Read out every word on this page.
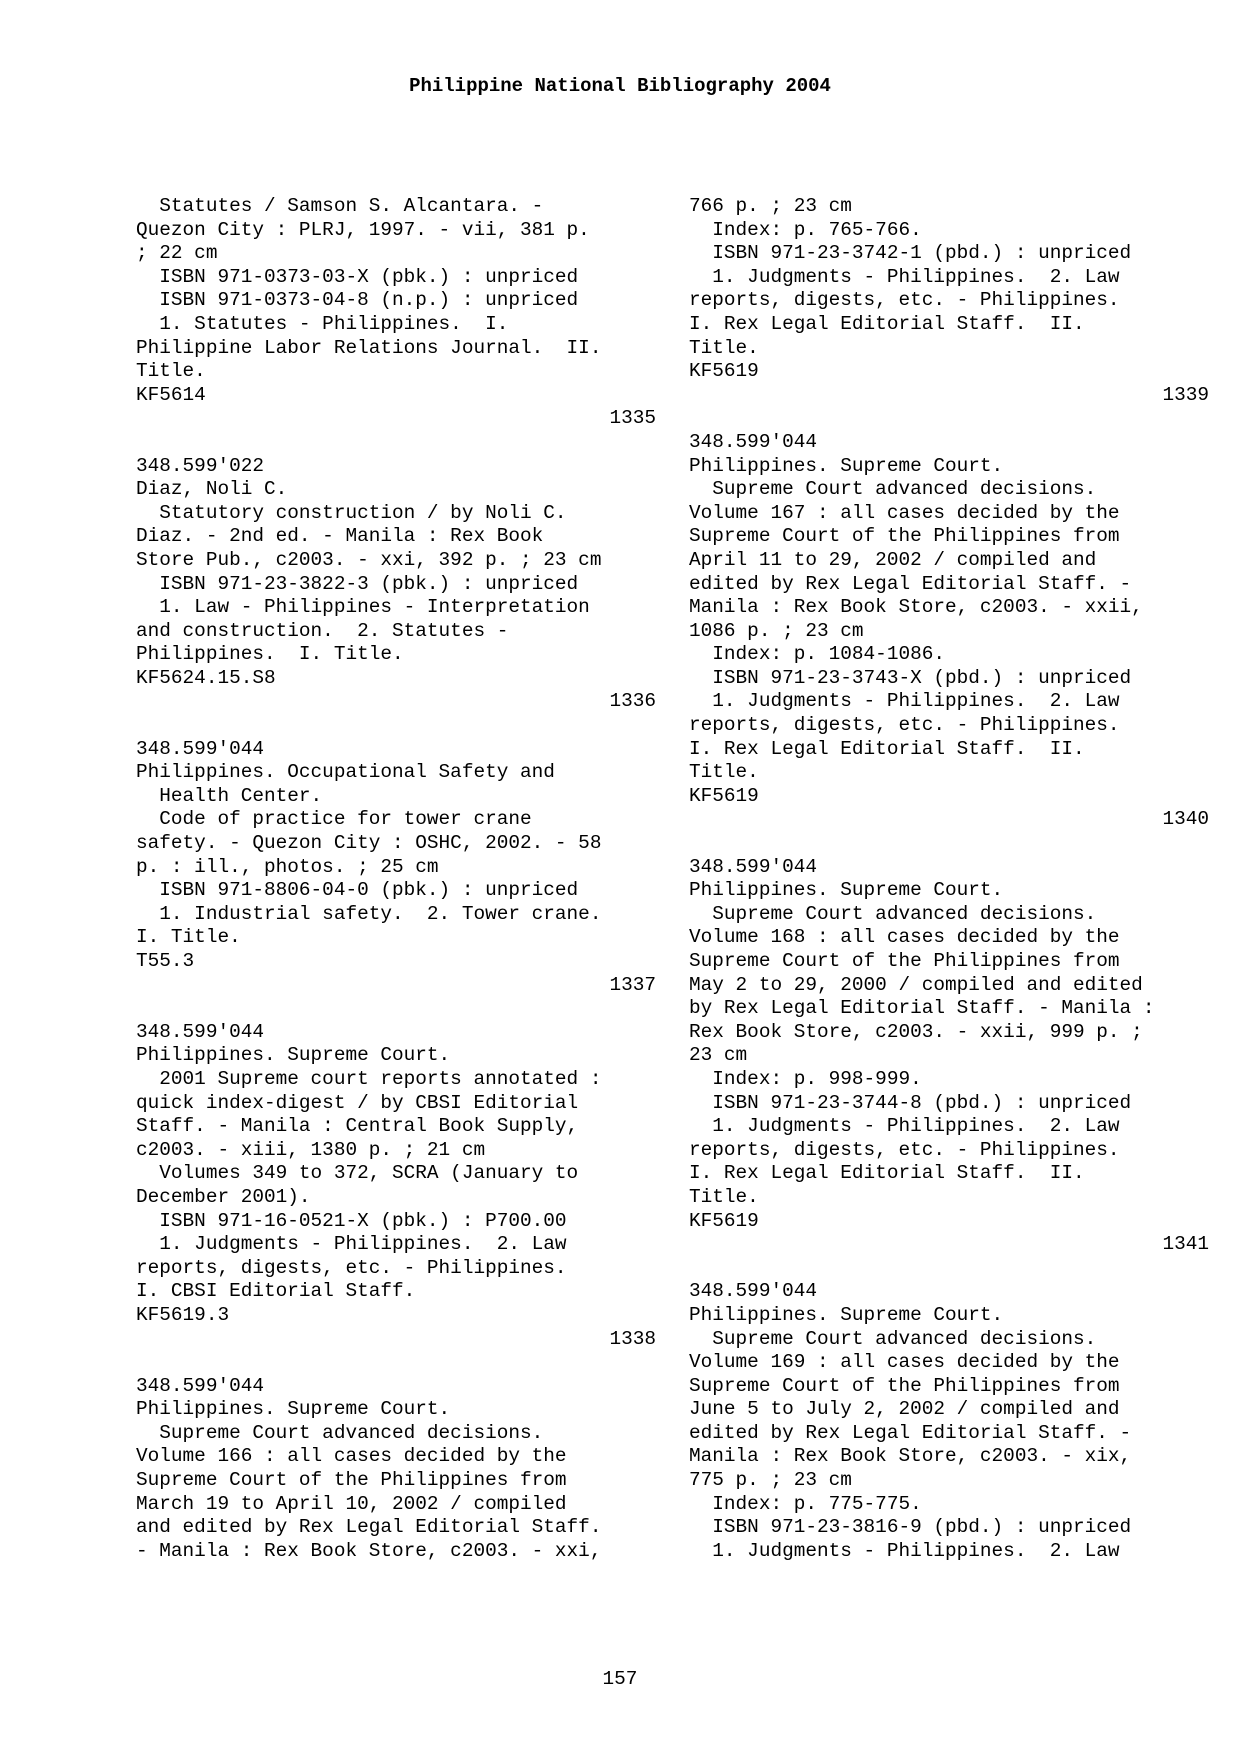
Philippine National Bibliography 2004
Statutes / Samson S. Alcantara. -
Quezon City : PLRJ, 1997. - vii, 381 p.
; 22 cm
ISBN 971-0373-03-X (pbk.) : unpriced
ISBN 971-0373-04-8 (n.p.) : unpriced
1. Statutes - Philippines.  I.
Philippine Labor Relations Journal.  II.
Title.
KF5614
1335
348.599'022
Diaz, Noli C.
Statutory construction / by Noli C.
Diaz. - 2nd ed. - Manila : Rex Book
Store Pub., c2003. - xxi, 392 p. ; 23 cm
ISBN 971-23-3822-3 (pbk.) : unpriced
1. Law - Philippines - Interpretation
and construction.  2. Statutes -
Philippines.  I. Title.
KF5624.15.S8
1336
348.599'044
Philippines. Occupational Safety and
Health Center.
Code of practice for tower crane
safety. - Quezon City : OSHC, 2002. - 58
p. : ill., photos. ; 25 cm
ISBN 971-8806-04-0 (pbk.) : unpriced
1. Industrial safety.  2. Tower crane.
I. Title.
T55.3
1337
348.599'044
Philippines. Supreme Court.
2001 Supreme court reports annotated :
quick index-digest / by CBSI Editorial
Staff. - Manila : Central Book Supply,
c2003. - xiii, 1380 p. ; 21 cm
Volumes 349 to 372, SCRA (January to
December 2001).
ISBN 971-16-0521-X (pbk.) : P700.00
1. Judgments - Philippines.  2. Law
reports, digests, etc. - Philippines.
I. CBSI Editorial Staff.
KF5619.3
1338
348.599'044
Philippines. Supreme Court.
Supreme Court advanced decisions.
Volume 166 : all cases decided by the
Supreme Court of the Philippines from
March 19 to April 10, 2002 / compiled
and edited by Rex Legal Editorial Staff.
- Manila : Rex Book Store, c2003. - xxi,
766 p. ; 23 cm
Index: p. 765-766.
ISBN 971-23-3742-1 (pbd.) : unpriced
1. Judgments - Philippines.  2. Law
reports, digests, etc. - Philippines.
I. Rex Legal Editorial Staff.  II.
Title.
KF5619
1339
348.599'044
Philippines. Supreme Court.
Supreme Court advanced decisions.
Volume 167 : all cases decided by the
Supreme Court of the Philippines from
April 11 to 29, 2002 / compiled and
edited by Rex Legal Editorial Staff. -
Manila : Rex Book Store, c2003. - xxii,
1086 p. ; 23 cm
Index: p. 1084-1086.
ISBN 971-23-3743-X (pbd.) : unpriced
1. Judgments - Philippines.  2. Law
reports, digests, etc. - Philippines.
I. Rex Legal Editorial Staff.  II.
Title.
KF5619
1340
348.599'044
Philippines. Supreme Court.
Supreme Court advanced decisions.
Volume 168 : all cases decided by the
Supreme Court of the Philippines from
May 2 to 29, 2000 / compiled and edited
by Rex Legal Editorial Staff. - Manila :
Rex Book Store, c2003. - xxii, 999 p. ;
23 cm
Index: p. 998-999.
ISBN 971-23-3744-8 (pbd.) : unpriced
1. Judgments - Philippines.  2. Law
reports, digests, etc. - Philippines.
I. Rex Legal Editorial Staff.  II.
Title.
KF5619
1341
348.599'044
Philippines. Supreme Court.
Supreme Court advanced decisions.
Volume 169 : all cases decided by the
Supreme Court of the Philippines from
June 5 to July 2, 2002 / compiled and
edited by Rex Legal Editorial Staff. -
Manila : Rex Book Store, c2003. - xix,
775 p. ; 23 cm
Index: p. 775-775.
ISBN 971-23-3816-9 (pbd.) : unpriced
1. Judgments - Philippines.  2. Law
157
